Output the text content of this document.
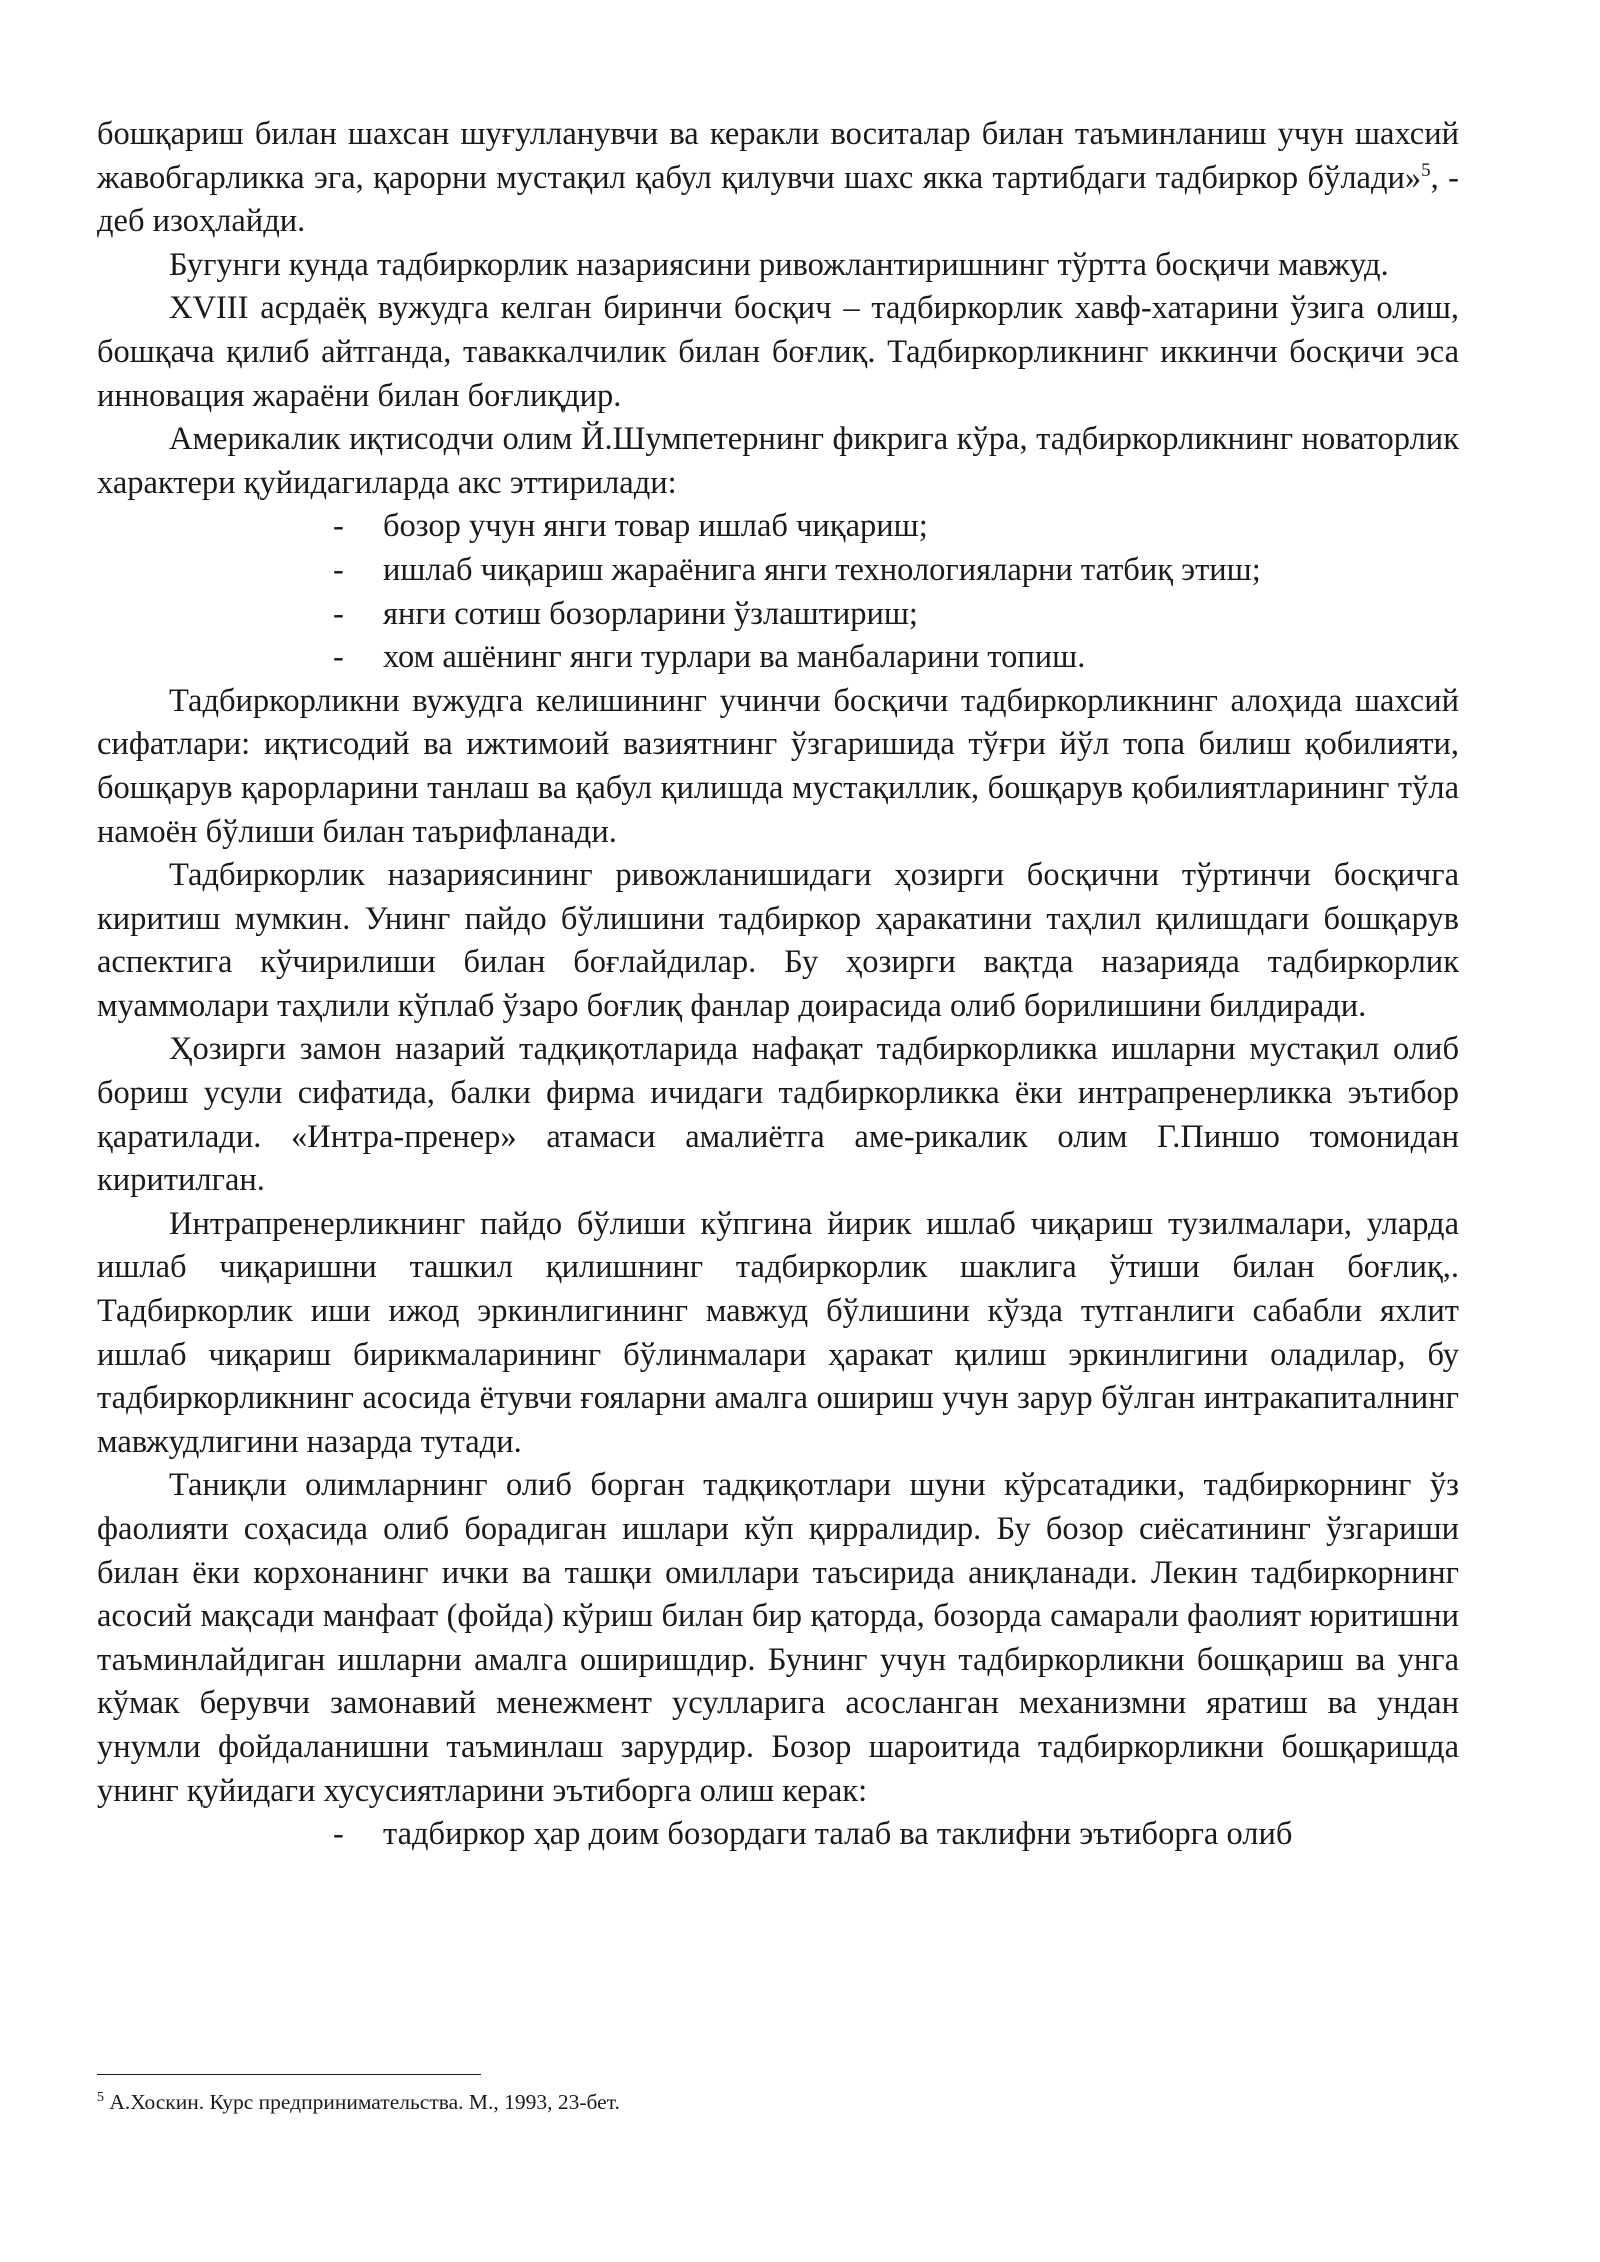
бошқариш билан шахсан шуғулланувчи ва керакли воситалар билан таъминланиш учун шахсий жавобгарликка эга, қарорни мустақил қабул қилувчи шахс якка тартибдаги тадбиркор бўлади»$^5$, - деб изоҳлайди.

Бугунги кунда тадбиркорлик назариясини ривожлантиришнинг тўртта босқичи мавжуд.

XVIII асрдаёқ вужудга келган биринчи босқич – тадбиркорлик хавф-хатарини ўзига олиш, бошқача қилиб айтганда, таваккалчилик билан боғлиқ. Тадбиркорликнинг иккинчи босқичи эса инновация жараёни билан боғлиқдир.

Америкалик иқтисодчи олим Й.Шумпетернинг фикрига кўра, тадбиркорликнинг новаторлик характери қуйидагиларда акс эттирилади:

- бозор учун янги товар ишлаб чиқариш;
- ишлаб чиқариш жараёнига янги технологияларни татбиқ этиш;
- янги сотиш бозорларини ўзлаштириш;
- хом ашёнинг янги турлари ва манбаларини топиш.

Тадбиркорликни вужудга келишининг учинчи босқичи тадбиркорликнинг алоҳида шахсий сифатлари: иқтисодий ва ижтимоий вазиятнинг ўзгаришида тўғри йўл топа билиш қобилияти, бошқарув қарорларини танлаш ва қабул қилишда мустақиллик, бошқарув қобилиятларининг тўла намоён бўлиши билан таърифланади.

Тадбиркорлик назариясининг ривожланишидаги ҳозирги босқични тўртинчи босқичга киритиш мумкин. Унинг пайдо бўлишини тадбиркор ҳаракатини таҳлил қилишдаги бошқарув аспектига кўчирилиши билан боғлайдилар. Бу ҳозирги вақтда назарияда тадбиркорлик муаммолари таҳлили кўплаб ўзаро боғлиқ фанлар доирасида олиб борилишини билдиради.

Ҳозирги замон назарий тадқиқотларида нафақат тадбиркорликка ишларни мустақил олиб бориш усули сифатида, балки фирма ичидаги тадбиркорликка ёки интрапренерликка эътибор қаратилади. «Интра-пренер» атамаси амалиётга аме-рикалик олим Г.Пиншо томонидан киритилган.

Интрапренерликнинг пайдо бўлиши кўпгина йирик ишлаб чиқариш тузилмалари, уларда ишлаб чиқаришни ташкил қилишнинг тадбиркорлик шаклига ўтиши билан боғлиқ,. Тадбиркорлик иши ижод эркинлигининг мавжуд бўлишини кўзда тутганлиги сабабли яхлит ишлаб чиқариш бирикмаларининг бўлинмалари ҳаракат қилиш эркинлигини оладилар, бу тадбиркорликнинг асосида ётувчи ғояларни амалга ошириш учун зарур бўлган интракапиталнинг мавжудлигини назарда тутади.

Таниқли олимларнинг олиб борган тадқиқотлари шуни кўрсатадики, тадбиркорнинг ўз фаолияти соҳасида олиб борадиган ишлари кўп қирралидир. Бу бозор сиёсатининг ўзгариши билан ёки корхонанинг ички ва ташқи омиллари таъсирида аниқланади. Лекин тадбиркорнинг асосий мақсади манфаат (фойда) кўриш билан бир қаторда, бозорда самарали фаолият юритишни таъминлайдиган ишларни амалга оширишдир. Бунинг учун тадбиркорликни бошқариш ва унга кўмак берувчи замонавий менежмент усулларига асосланган механизмни яратиш ва ундан унумли фойдаланишни таъминлаш зарурдир. Бозор шароитида тадбиркорликни бошқаришда унинг қуйидаги хусусиятларини эътиборга олиш керак:

- тадбиркор ҳар доим бозордаги талаб ва таклифни эътиборга олиб
$^5$ А.Хоскин. Курс предпринимательства. М., 1993, 23-бет.
